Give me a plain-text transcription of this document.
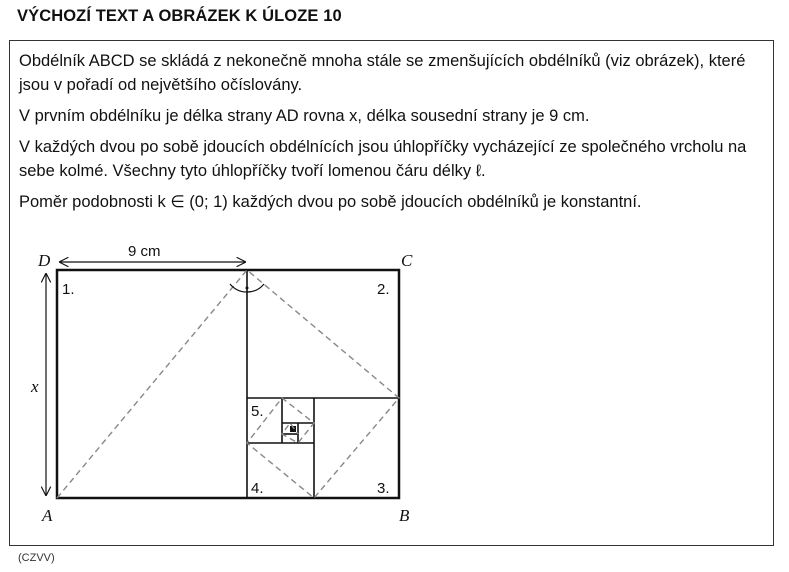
VÝCHOZÍ TEXT A OBRÁZEK K ÚLOZE 10

Obdélník ABCD se skládá z nekonečně mnoha stále se zmenšujících obdélníků (viz obrázek), které jsou v pořadí od největšího očíslovány.

V prvním obdélníku je délka strany AD rovna x, délka sousední strany je 9 cm.

V každých dvou po sobě jdoucích obdélnících jsou úhlopříčky vycházející ze společného vrcholu na sebe kolmé. Všechny tyto úhlopříčky tvoří lomenou čáru délky ℓ.

Poměr podobnosti k ∈ (0; 1) každých dvou po sobě jdoucích obdélníků je konstantní.

9 cm
x
D	C
A	B
1.	2.
3.
4.
5.
(CZVV)
